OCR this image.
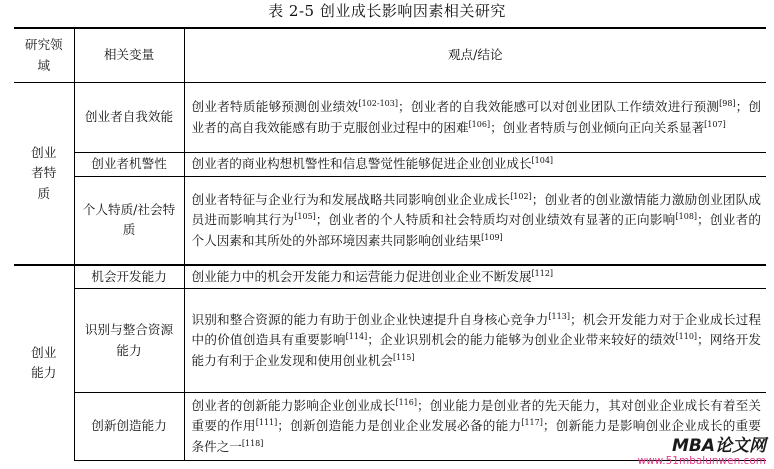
表 2-5 创业成长影响因素相关研究
研究领域	相关变量	观点/结论
创业者特质	创业者自我效能	创业者特质能够预测创业绩效[102-103]；创业者的自我效能感可以对创业团队工作绩效进行预测[98]；创业者的高自我效能感有助于克服创业过程中的困难[106]；创业者特质与创业倾向正向关系显著[107]
	创业者机警性	创业者的商业构想机警性和信息警觉性能够促进企业创业成长[104]
	个人特质/社会特质	创业者特征与企业行为和发展战略共同影响创业企业成长[102]；创业者的创业激情能力激励创业团队成员进而影响其行为[105]；创业者的个人特质和社会特质均对创业绩效有显著的正向影响[108]；创业者的个人因素和其所处的外部环境因素共同影响创业结果[109]
创业能力	机会开发能力	创业能力中的机会开发能力和运营能力促进创业企业不断发展[112]
	识别与整合资源能力	识别和整合资源的能力有助于创业企业快速提升自身核心竞争力[113]；机会开发能力对于企业成长过程中的价值创造具有重要影响[114]；企业识别机会的能力能够为创业企业带来较好的绩效[110]；网络开发能力有利于企业发现和使用创业机会[115]
	创新创造能力	创业者的创新能力影响企业创业成长[116]；创业能力是创业者的先天能力，其对创业企业成长有着至关重要的作用[111]；创新创造能力是创业企业发展必备的能力[117]；创新能力是影响创业企业成长的重要条件之一[118]	MBA论文网
www.51mbalunwen.com
